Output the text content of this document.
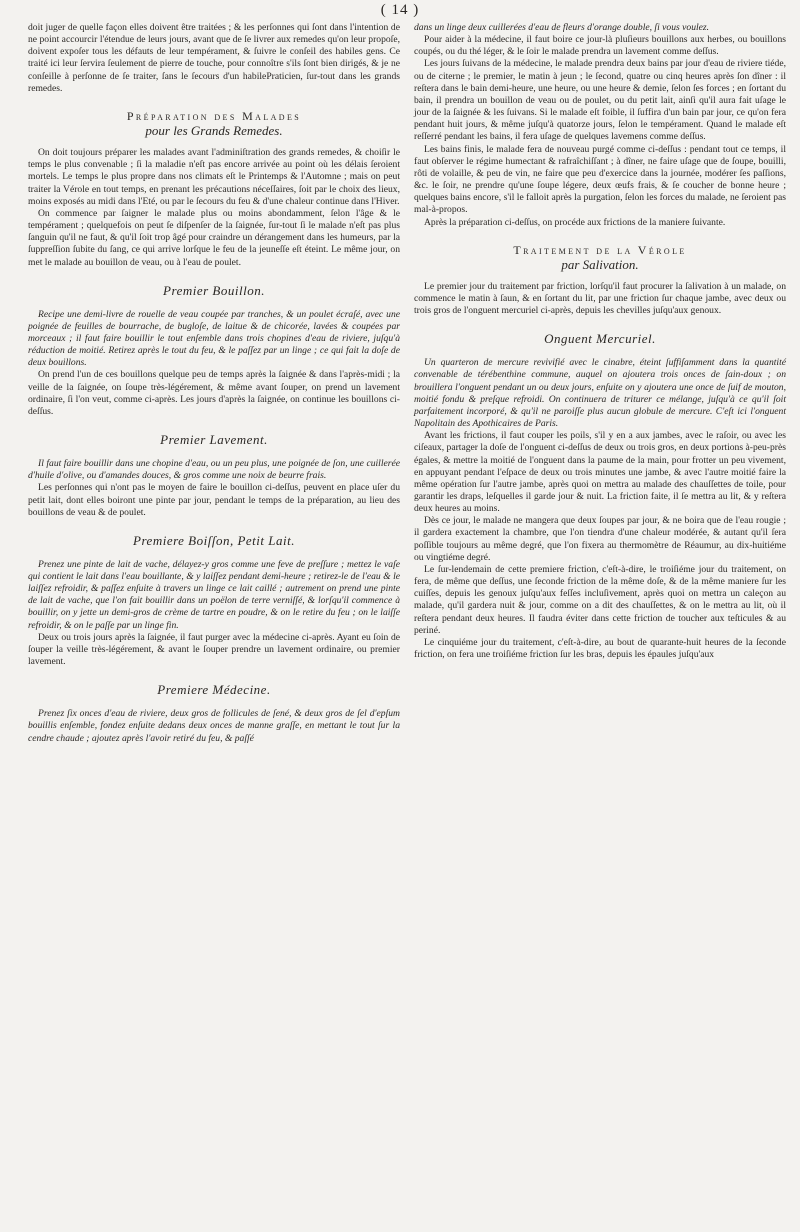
( 14 )

doit juger de quelle façon elles doivent être traitées ; & les perſonnes qui ſont dans l'intention de ne point accourcir l'étendue de leurs jours, avant que de ſe livrer aux remedes qu'on leur propoſe, doivent expoſer tous les défauts de leur tempérament, & ſuivre le conſeil des habiles gens. Ce traité ici leur ſervira ſeulement de pierre de touche, pour connoître s'ils ſont bien dirigés, & je ne conſeille à perſonne de ſe traiter, ſans le ſecours d'un habilePraticien, ſur-tout dans les grands remedes.

Préparation des Malades
pour les Grands Remedes.

On doit toujours préparer les malades avant l'adminiſtration des grands remedes, & choiſir le temps le plus convenable ; ſi la maladie n'eſt pas encore arrivée au point où les délais ſeroient mortels. Le temps le plus propre dans nos climats eſt le Printemps & l'Automne ; mais on peut traiter la Vérole en tout temps, en prenant les précautions néceſſaires, ſoit par le choix des lieux, moins exposés au midi dans l'Eté, ou par le ſecours du feu & d'une chaleur continue dans l'Hiver.

On commence par ſaigner le malade plus ou moins abondamment, ſelon l'âge & le tempérament ; quelquefois on peut ſe diſpenſer de la ſaignée, ſur-tout ſi le malade n'eſt pas plus ſanguin qu'il ne faut, & qu'il ſoit trop âgé pour craindre un dérangement dans les humeurs, par la ſuppreſſion ſubite du ſang, ce qui arrive lorſque le feu de la jeuneſſe eſt éteint. Le même jour, on met le malade au bouillon de veau, ou à l'eau de poulet.

Premier Bouillon.

Recipe une demi-livre de rouelle de veau coupée par tranches, & un poulet écraſé, avec une poignée de feuilles de bourrache, de bugloſe, de laitue & de chicorée, lavées & coupées par morceaux ; il faut faire bouillir le tout enſemble dans trois chopines d'eau de riviere, juſqu'à réduction de moitié. Retirez après le tout du feu, & le paſſez par un linge ; ce qui fait la doſe de deux bouillons.

On prend l'un de ces bouillons quelque peu de temps après la ſaignée & dans l'après-midi ; la veille de la ſaignée, on ſoupe très-légérement, & même avant ſouper, on prend un lavement ordinaire, ſi l'on veut, comme ci-après. Les jours d'après la ſaignée, on continue les bouillons ci-deſſus.

Premier Lavement.

Il faut faire bouillir dans une chopine d'eau, ou un peu plus, une poignée de ſon, une cuillerée d'huile d'olive, ou d'amandes douces, & gros comme une noix de beurre frais.

Les perſonnes qui n'ont pas le moyen de faire le bouillon ci-deſſus, peuvent en place uſer du petit lait, dont elles boiront une pinte par jour, pendant le temps de la préparation, au lieu des bouillons de veau & de poulet.

Premiere Boiſſon, Petit Lait.

Prenez une pinte de lait de vache, délayez-y gros comme une feve de preſſure ; mettez le vaſe qui contient le lait dans l'eau bouillante, & y laiſſez pendant demi-heure ; retirez-le de l'eau & le laiſſez refroidir, & paſſez enſuite à travers un linge ce lait caillé ; autrement on prend une pinte de lait de vache, que l'on fait bouillir dans un poëlon de terre verniſſé, & lorſqu'il commence à bouillir, on y jette un demi-gros de crème de tartre en poudre, & on le retire du feu ; on le laiſſe refroidir, & on le paſſe par un linge fin.

Deux ou trois jours après la ſaignée, il faut purger avec la médecine ci-après. Ayant eu ſoin de ſouper la veille très-légérement, & avant le ſouper prendre un lavement ordinaire, ou premier lavement.

Premiere Médecine.

Prenez ſix onces d'eau de riviere, deux gros de follicules de ſené, & deux gros de ſel d'epſum bouillis enſemble, fondez enſuite dedans deux onces de manne graſſe, en mettant le tout ſur la cendre chaude ; ajoutez après l'avoir retiré du feu, & paſſé

dans un linge deux cuillerées d'eau de fleurs d'orange double, ſi vous voulez.

Pour aider à la médecine, il faut boire ce jour-là pluſieurs bouillons aux herbes, ou bouillons coupés, ou du thé léger, & le ſoir le malade prendra un lavement comme deſſus.

Les jours ſuivans de la médecine, le malade prendra deux bains par jour d'eau de riviere tiéde, ou de citerne ; le premier, le matin à jeun ; le ſecond, quatre ou cinq heures après ſon dîner : il reſtera dans le bain demi-heure, une heure, ou une heure & demie, ſelon ſes forces ; en ſortant du bain, il prendra un bouillon de veau ou de poulet, ou du petit lait, ainſi qu'il aura fait uſage le jour de la ſaignée & les ſuivans. Si le malade eſt foible, il ſuffira d'un bain par jour, ce qu'on fera pendant huit jours, & même juſqu'à quatorze jours, ſelon le tempérament. Quand le malade eſt reſſerré pendant les bains, il fera uſage de quelques lavemens comme deſſus.

Les bains finis, le malade fera de nouveau purgé comme ci-deſſus : pendant tout ce temps, il faut obſerver le régime humectant & rafraîchiſſant ; à dîner, ne faire uſage que de ſoupe, bouilli, rôti de volaille, & peu de vin, ne faire que peu d'exercice dans la journée, modérer ſes paſſions, &c. le ſoir, ne prendre qu'une ſoupe légere, deux œufs frais, & ſe coucher de bonne heure ; quelques bains encore, s'il le falloit après la purgation, ſelon les forces du malade, ne ſeroient pas mal-à-propos.

Après la préparation ci-deſſus, on procéde aux frictions de la maniere ſuivante.

Traitement de la Vérole
par Salivation.

Le premier jour du traitement par friction, lorſqu'il faut procurer la ſalivation à un malade, on commence le matin à ſaun, & en ſortant du lit, par une friction ſur chaque jambe, avec deux ou trois gros de l'onguent mercuriel ci-après, depuis les chevilles juſqu'aux genoux.

Onguent Mercuriel.

Un quarteron de mercure revivifié avec le cinabre, éteint ſuffiſamment dans la quantité convenable de térébenthine commune, auquel on ajoutera trois onces de ſain-doux ; on brouillera l'onguent pendant un ou deux jours, enſuite on y ajoutera une once de ſuif de mouton, moitié fondu & preſque refroidi. On continuera de triturer ce mélange, juſqu'à ce qu'il ſoit parfaitement incorporé, & qu'il ne paroiſſe plus aucun globule de mercure. C'eſt ici l'onguent Napolitain des Apothicaires de Paris.

Avant les frictions, il faut couper les poils, s'il y en a aux jambes, avec le raſoir, ou avec les ciſeaux, partager la doſe de l'onguent ci-deſſus de deux ou trois gros, en deux portions à-peu-près égales, & mettre la moitié de l'onguent dans la paume de la main, pour frotter un peu vivement, en appuyant pendant l'eſpace de deux ou trois minutes une jambe, & avec l'autre moitié faire la même opération ſur l'autre jambe, après quoi on mettra au malade des chauſſettes de toile, pour garantir les draps, leſquelles il garde jour & nuit. La friction faite, il ſe mettra au lit, & y reſtera deux heures au moins.

Dès ce jour, le malade ne mangera que deux ſoupes par jour, & ne boira que de l'eau rougie ; il gardera exactement la chambre, que l'on tiendra d'une chaleur modérée, & autant qu'il ſera poſſible toujours au même degré, que l'on fixera au thermomètre de Réaumur, au dix-huitiéme ou vingtiéme degré.

Le ſur-lendemain de cette premiere friction, c'eſt-à-dire, le troiſiéme jour du traitement, on fera, de même que deſſus, une ſeconde friction de la même doſe, & de la même maniere ſur les cuiſſes, depuis les genoux juſqu'aux feſſes incluſivement, après quoi on mettra un caleçon au malade, qu'il gardera nuit & jour, comme on a dit des chauſſettes, & on le mettra au lit, où il reſtera pendant deux heures. Il faudra éviter dans cette friction de toucher aux teſticules & au periné.

Le cinquiéme jour du traitement, c'eſt-à-dire, au bout de quarante-huit heures de la ſeconde friction, on fera une troiſiéme friction ſur les bras, depuis les épaules juſqu'aux
